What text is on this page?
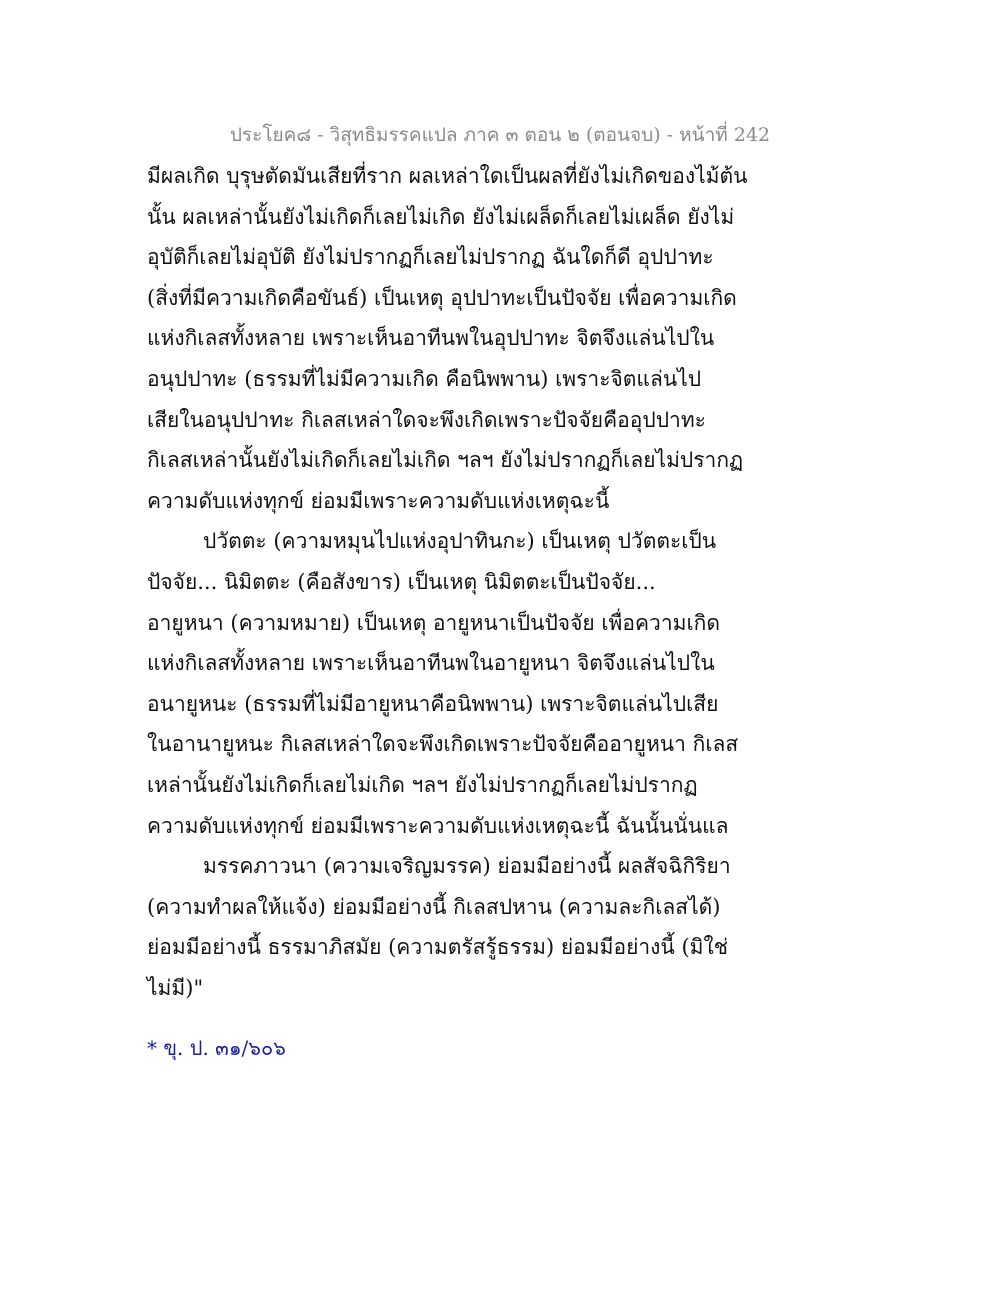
ประโยค๘ - วิสุทธิมรรคแปล ภาค ๓ ตอน ๒ (ตอนจบ) - หน้าที่ 242
มีผลเกิด บุรุษตัดมันเสียที่ราก ผลเหล่าใดเป็นผลที่ยังไม่เกิดของไม้ต้น
นั้น ผลเหล่านั้นยังไม่เกิดก็เลยไม่เกิด ยังไม่เผล็ดก็เลยไม่เผล็ด ยังไม่
อุบัติก็เลยไม่อุบัติ ยังไม่ปรากฏก็เลยไม่ปรากฏ ฉันใดก็ดี อุปปาทะ
(สิ่งที่มีความเกิดคือขันธ์) เป็นเหตุ อุปปาทะเป็นปัจจัย เพื่อความเกิด
แห่งกิเลสทั้งหลาย เพราะเห็นอาทีนพในอุปปาทะ จิตจึงแล่นไปใน
อนุปปาทะ (ธรรมที่ไม่มีความเกิด คือนิพพาน) เพราะจิตแล่นไป
เสียในอนุปปาทะ กิเลสเหล่าใดจะพึงเกิดเพราะปัจจัยคืออุปปาทะ
กิเลสเหล่านั้นยังไม่เกิดก็เลยไม่เกิด ฯลฯ ยังไม่ปรากฏก็เลยไม่ปรากฏ
ความดับแห่งทุกข์ ย่อมมีเพราะความดับแห่งเหตุฉะนี้
ปวัตตะ (ความหมุนไปแห่งอุปาทินกะ) เป็นเหตุ ปวัตตะเป็น
ปัจจัย... นิมิตตะ (คือสังขาร) เป็นเหตุ นิมิตตะเป็นปัจจัย...
อายูหนา (ความหมาย) เป็นเหตุ อายูหนาเป็นปัจจัย เพื่อความเกิด
แห่งกิเลสทั้งหลาย เพราะเห็นอาทีนพในอายูหนา จิตจึงแล่นไปใน
อนายูหนะ (ธรรมที่ไม่มีอายูหนาคือนิพพาน) เพราะจิตแล่นไปเสีย
ในอานายูหนะ กิเลสเหล่าใดจะพึงเกิดเพราะปัจจัยคืออายูหนา กิเลส
เหล่านั้นยังไม่เกิดก็เลยไม่เกิด ฯลฯ ยังไม่ปรากฏก็เลยไม่ปรากฏ
ความดับแห่งทุกข์ ย่อมมีเพราะความดับแห่งเหตุฉะนี้ ฉันนั้นนั่นแล
มรรคภาวนา (ความเจริญมรรค) ย่อมมีอย่างนี้ ผลสัจฉิกิริยา
(ความทำผลให้แจ้ง) ย่อมมีอย่างนี้ กิเลสปหาน (ความละกิเลสได้)
ย่อมมีอย่างนี้ ธรรมาภิสมัย (ความตรัสรู้ธรรม) ย่อมมีอย่างนี้ (มิใช่
ไม่มี)"
* ขุ. ป. ๓๑/๖๐๖
